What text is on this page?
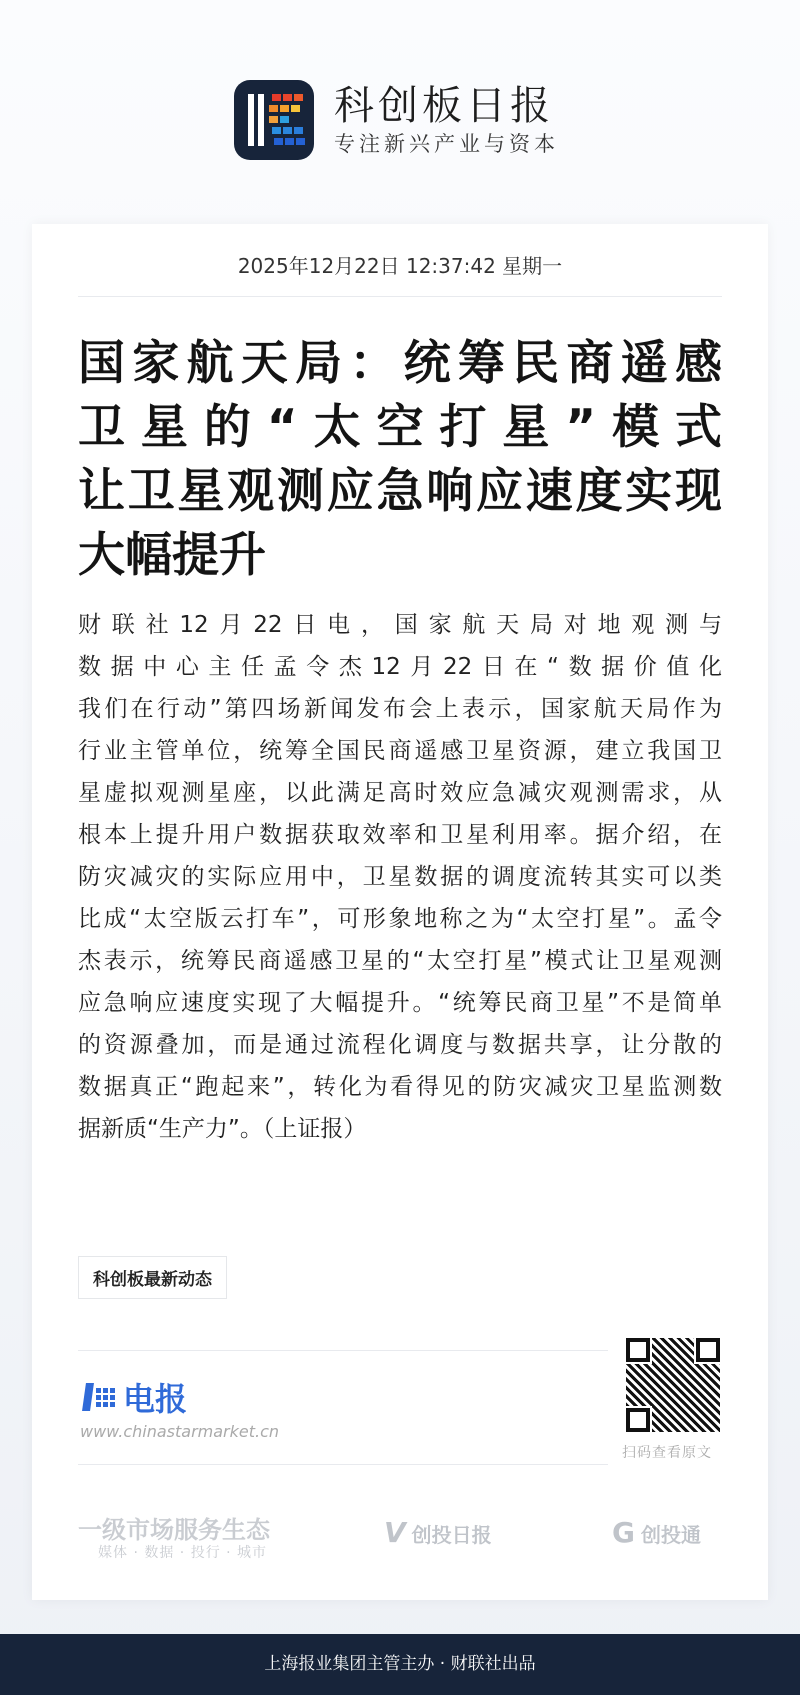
科创板日报
专注新兴产业与资本
2025年12月22日 12:37:42 星期一
国家航天局：统筹民商遥感
卫星的“太空打星”模式
让卫星观测应急响应速度实现
大幅提升
财联社12月22日电，国家航天局对地观测与
数据中心主任孟令杰12月22日在“数据价值化
我们在行动”第四场新闻发布会上表示，国家航天局作为
行业主管单位，统筹全国民商遥感卫星资源，建立我国卫
星虚拟观测星座，以此满足高时效应急减灾观测需求，从
根本上提升用户数据获取效率和卫星利用率。据介绍，在
防灾减灾的实际应用中，卫星数据的调度流转其实可以类
比成“太空版云打车”，可形象地称之为“太空打星”。孟令
杰表示，统筹民商遥感卫星的“太空打星”模式让卫星观测
应急响应速度实现了大幅提升。“统筹民商卫星”不是简单
的资源叠加，而是通过流程化调度与数据共享，让分散的
数据真正“跑起来”，转化为看得见的防灾减灾卫星监测数
据新质“生产力”。（上证报）
科创板最新动态
电报
www.chinastarmarket.cn
扫码查看原文
一级市场服务生态
媒体 · 数据 · 投行 · 城市
V 创投日报	G 创投通
上海报业集团主管主办 · 财联社出品
